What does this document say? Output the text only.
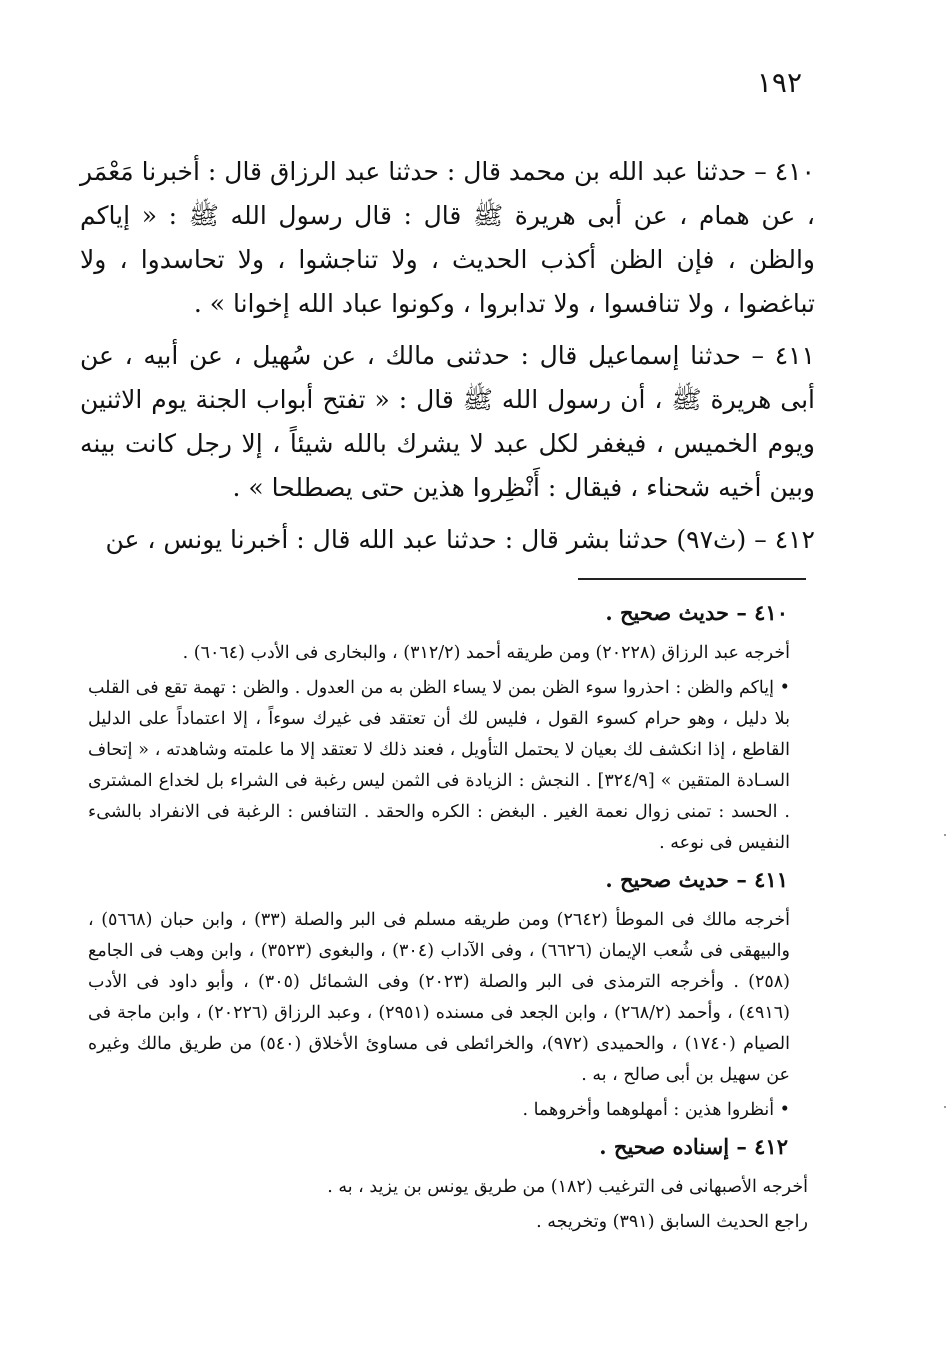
١٩٢

٤١٠ – حدثنا عبد الله بن محمد قال : حدثنا عبد الرزاق قال : أخبرنا مَعْمَر ، عن همام ، عن أبى هريرة ﷺ قال : قال رسول الله ﷺ : « إياكم والظن ، فإن الظن أكذب الحديث ، ولا تناجشوا ، ولا تحاسدوا ، ولا تباغضوا ، ولا تنافسوا ، ولا تدابروا ، وكونوا عباد الله إخوانا » .

٤١١ – حدثنا إسماعيل قال : حدثنى مالك ، عن سُهيل ، عن أبيه ، عن أبى هريرة ﷺ ، أن رسول الله ﷺ قال : « تفتح أبواب الجنة يوم الاثنين ويوم الخميس ، فيغفر لكل عبد لا يشرك بالله شيئاً ، إلا رجل كانت بينه وبين أخيه شحناء ، فيقال : أَنْظِروا هذين حتى يصطلحا » .

٤١٢ – (ث٩٧) حدثنا بشر قال : حدثنا عبد الله قال : أخبرنا يونس ، عن

٤١٠ – حديث صحيح .

أخرجه عبد الرزاق (٢٠٢٢٨) ومن طريقه أحمد (٣١٢/٢) ، والبخارى فى الأدب (٦٠٦٤) .

• إياكم والظن : احذروا سوء الظن بمن لا يساء الظن به من العدول . والظن : تهمة تقع فى القلب بلا دليل ، وهو حرام كسوء القول ، فليس لك أن تعتقد فى غيرك سوءاً ، إلا اعتماداً على الدليل القاطع ، إذا انكشف لك بعيان لا يحتمل التأويل ، فعند ذلك لا تعتقد إلا ما علمته وشاهدته ، « إتحاف السـادة المتقين » [٣٢٤/٩] . النجش : الزيادة فى الثمن ليس رغبة فى الشراء بل لخداع المشترى . الحسد : تمنى زوال نعمة الغير . البغض : الكره والحقد . التنافس : الرغبة فى الانفراد بالشىء النفيس فى نوعه .

٤١١ – حديث صحيح .

أخرجه مالك فى الموطأ (٢٦٤٢) ومن طريقه مسلم فى البر والصلة (٣٣) ، وابن حبان (٥٦٦٨) ، والبيهقى فى شُعب الإيمان (٦٦٢٦) ، وفى الآداب (٣٠٤) ، والبغوى (٣٥٢٣) ، وابن وهب فى الجامع (٢٥٨) . وأخرجه الترمذى فى البر والصلة (٢٠٢٣) وفى الشمائل (٣٠٥) ، وأبو داود فى الأدب (٤٩١٦) ، وأحمد (٢٦٨/٢) ، وابن الجعد فى مسنده (٢٩٥١) ، وعبد الرزاق (٢٠٢٢٦) ، وابن ماجة فى الصيام (١٧٤٠) ، والحميدى (٩٧٢)، والخرائطى فى مساوئ الأخلاق (٥٤٠) من طريق مالك وغيره عن سهيل بن أبى صالح ، به .

• أنظروا هذين : أمهلوهما وأخروهما .

٤١٢ – إسناده صحيح .

أخرجه الأصبهانى فى الترغيب (١٨٢) من طريق يونس بن يزيد ، به .

راجع الحديث السابق (٣٩١) وتخريجه .
